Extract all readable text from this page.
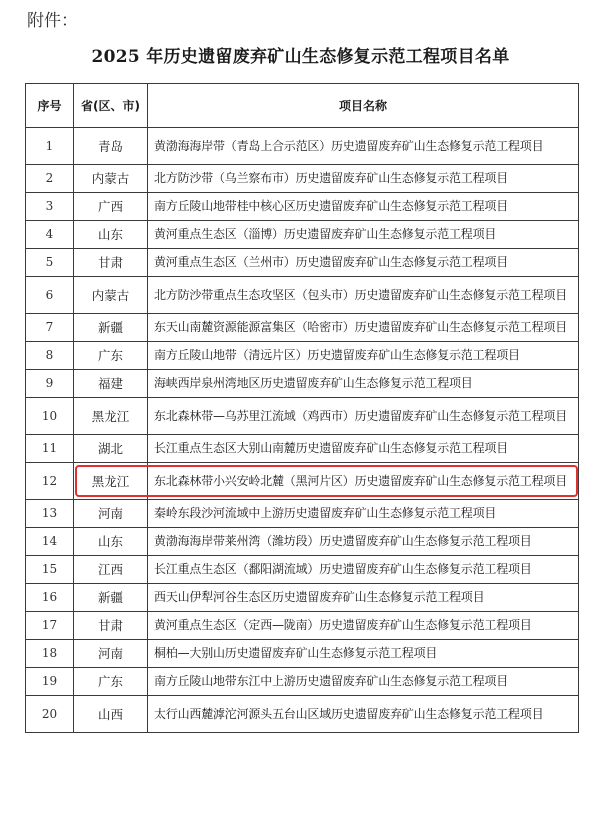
附件：
2025 年历史遗留废弃矿山生态修复示范工程项目名单
序号	省(区、市)	项目名称
1	青岛	黄渤海海岸带（青岛上合示范区）历史遗留废弃矿山生态修复示范工程项目
2	内蒙古	北方防沙带（乌兰察布市）历史遗留废弃矿山生态修复示范工程项目
3	广西	南方丘陵山地带桂中核心区历史遗留废弃矿山生态修复示范工程项目
4	山东	黄河重点生态区（淄博）历史遗留废弃矿山生态修复示范工程项目
5	甘肃	黄河重点生态区（兰州市）历史遗留废弃矿山生态修复示范工程项目
6	内蒙古	北方防沙带重点生态攻坚区（包头市）历史遗留废弃矿山生态修复示范工程项目
7	新疆	东天山南麓资源能源富集区（哈密市）历史遗留废弃矿山生态修复示范工程项目
8	广东	南方丘陵山地带（清远片区）历史遗留废弃矿山生态修复示范工程项目
9	福建	海峡西岸泉州湾地区历史遗留废弃矿山生态修复示范工程项目
10	黑龙江	东北森林带—乌苏里江流域（鸡西市）历史遗留废弃矿山生态修复示范工程项目
11	湖北	长江重点生态区大别山南麓历史遗留废弃矿山生态修复示范工程项目
12	黑龙江	东北森林带小兴安岭北麓（黑河片区）历史遗留废弃矿山生态修复示范工程项目
13	河南	秦岭东段沙河流域中上游历史遗留废弃矿山生态修复示范工程项目
14	山东	黄渤海海岸带莱州湾（潍坊段）历史遗留废弃矿山生态修复示范工程项目
15	江西	长江重点生态区（鄱阳湖流域）历史遗留废弃矿山生态修复示范工程项目
16	新疆	西天山伊犁河谷生态区历史遗留废弃矿山生态修复示范工程项目
17	甘肃	黄河重点生态区（定西—陇南）历史遗留废弃矿山生态修复示范工程项目
18	河南	桐柏—大别山历史遗留废弃矿山生态修复示范工程项目
19	广东	南方丘陵山地带东江中上游历史遗留废弃矿山生态修复示范工程项目
20	山西	太行山西麓滹沱河源头五台山区域历史遗留废弃矿山生态修复示范工程项目
